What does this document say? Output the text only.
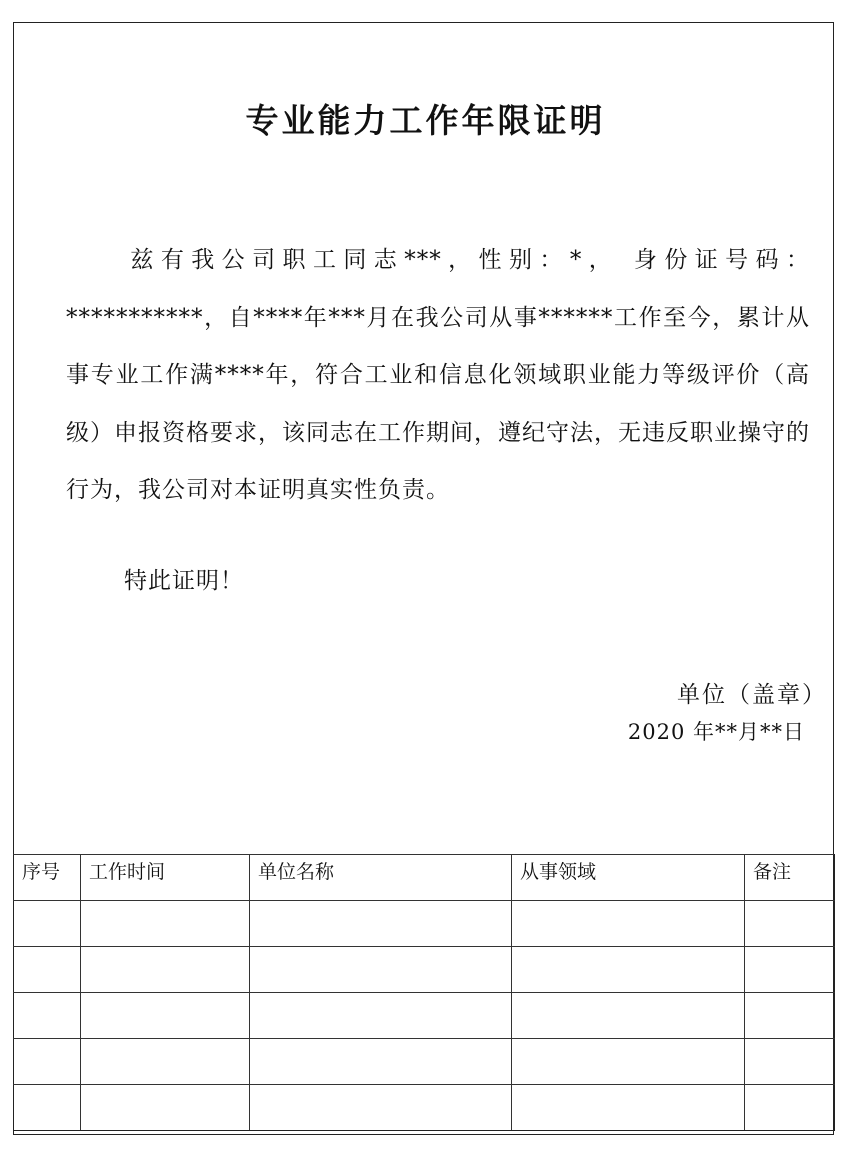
专业能力工作年限证明

兹有我公司职工同志***，性别：*， 身份证号码：***********，自****年***月在我公司从事******工作至今，累计从事专业工作满****年，符合工业和信息化领域职业能力等级评价（高级）申报资格要求，该同志在工作期间，遵纪守法，无违反职业操守的行为，我公司对本证明真实性负责。

特此证明！

单位（盖章）

2020 年**月**日

序号	工作时间	单位名称	从事领域	备注
